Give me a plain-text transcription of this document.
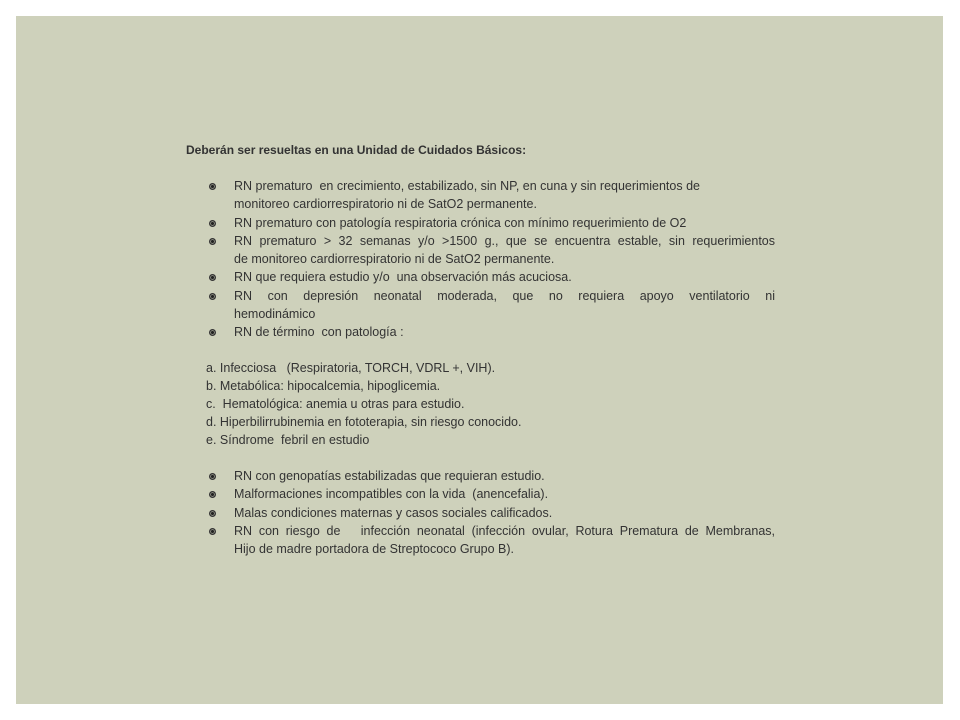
Deberán ser resueltas en una Unidad de Cuidados Básicos:
RN prematuro  en crecimiento, estabilizado, sin NP, en cuna y sin requerimientos de
monitoreo cardiorrespiratorio ni de SatO2 permanente.
RN prematuro con patología respiratoria crónica con mínimo requerimiento de O2
RN prematuro > 32 semanas y/o >1500 g., que se encuentra estable, sin requerimientos
de monitoreo cardiorrespiratorio ni de SatO2 permanente.
RN que requiera estudio y/o  una observación más acuciosa.
RN con depresión neonatal moderada, que no requiera apoyo ventilatorio ni
hemodinámico
RN de término  con patología :
a. Infecciosa   (Respiratoria, TORCH, VDRL +, VIH).
b. Metabólica: hipocalcemia, hipoglicemia.
c.  Hematológica: anemia u otras para estudio.
d. Hiperbilirrubinemia en fototerapia, sin riesgo conocido.
e. Síndrome  febril en estudio
RN con genopatías estabilizadas que requieran estudio.
Malformaciones incompatibles con la vida  (anencefalia).
Malas condiciones maternas y casos sociales calificados.
RN con riesgo de   infección neonatal (infección ovular, Rotura Prematura de Membranas,
Hijo de madre portadora de Streptococo Grupo B).
